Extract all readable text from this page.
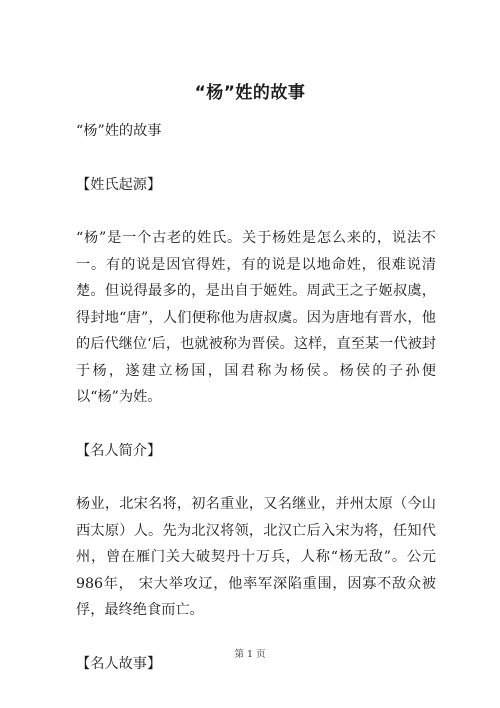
“杨”姓的故事

“杨”姓的故事

【姓氏起源】

“杨”是一个古老的姓氏。关于杨姓是怎么来的，说法不一。有的说是因官得姓，有的说是以地命姓，很难说清楚。但说得最多的，是出自于姬姓。周武王之子姬叔虞，得封地“唐”，人们便称他为唐叔虞。因为唐地有晋水，他的后代继位‘后，也就被称为晋侯。这样，直至某一代被封于杨，遂建立杨国，国君称为杨侯。杨侯的子孙便以“杨”为姓。

【名人简介】

杨业，北宋名将，初名重业，又名继业，并州太原（今山西太原）人。先为北汉将领，北汉亡后入宋为将，任知代州，曾在雁门关大破契丹十万兵，人称“杨无敌”。公元986年， 宋大举攻辽，他率军深陷重围，因寡不敌众被俘，最终绝食而亡。

【名人故事】

第 1 页
